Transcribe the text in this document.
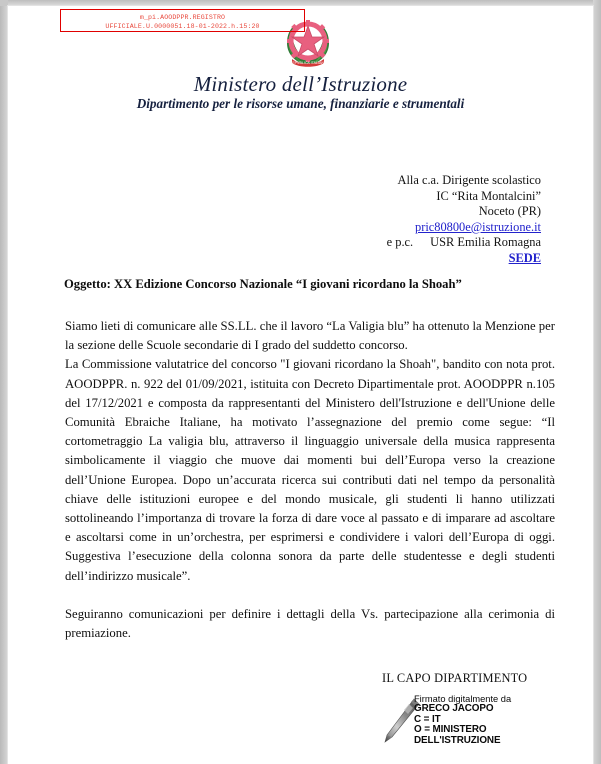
m_pi.AOODPPR.REGISTRO
UFFICIALE.U.0000051.18-01-2022.h.15:20
REPVBLICA ITALIANA
Ministero dell’Istruzione
Dipartimento per le risorse umane, finanziarie e strumentali
Alla c.a. Dirigente scolastico
IC “Rita Montalcini”
Noceto (PR)
pric80800e@istruzione.it
e p.c. USR Emilia Romagna
SEDE
Oggetto: XX Edizione Concorso Nazionale “I giovani ricordano la Shoah”

Siamo lieti di comunicare alle SS.LL. che il lavoro “La Valigia blu” ha ottenuto la Menzione per la sezione delle Scuole secondarie di I grado del suddetto concorso.

La Commissione valutatrice del concorso "I giovani ricordano la Shoah", bandito con nota prot. AOODPPR. n. 922 del 01/09/2021, istituita con Decreto Dipartimentale prot. AOODPPR n.105 del 17/12/2021 e composta da rappresentanti del Ministero dell'Istruzione e dell'Unione delle Comunità Ebraiche Italiane, ha motivato l’assegnazione del premio come segue: “Il cortometraggio La valigia blu, attraverso il linguaggio universale della musica rappresenta simbolicamente il viaggio che muove dai momenti bui dell’Europa verso la creazione dell’Unione Europea. Dopo un’accurata ricerca sui contributi dati nel tempo da personalità chiave delle istituzioni europee e del mondo musicale, gli studenti li hanno utilizzati sottolineando l’importanza di trovare la forza di dare voce al passato e di imparare ad ascoltare e ascoltarsi come in un’orchestra, per esprimersi e condividere i valori dell’Europa di oggi. Suggestiva l’esecuzione della colonna sonora da parte delle studentesse e degli studenti dell’indirizzo musicale”.

Seguiranno comunicazioni per definire i dettagli della Vs. partecipazione alla cerimonia di premiazione.

IL CAPO DIPARTIMENTO
Firmato digitalmente da
GRECO JACOPO
C = IT
O = MINISTERO
DELL'ISTRUZIONE
